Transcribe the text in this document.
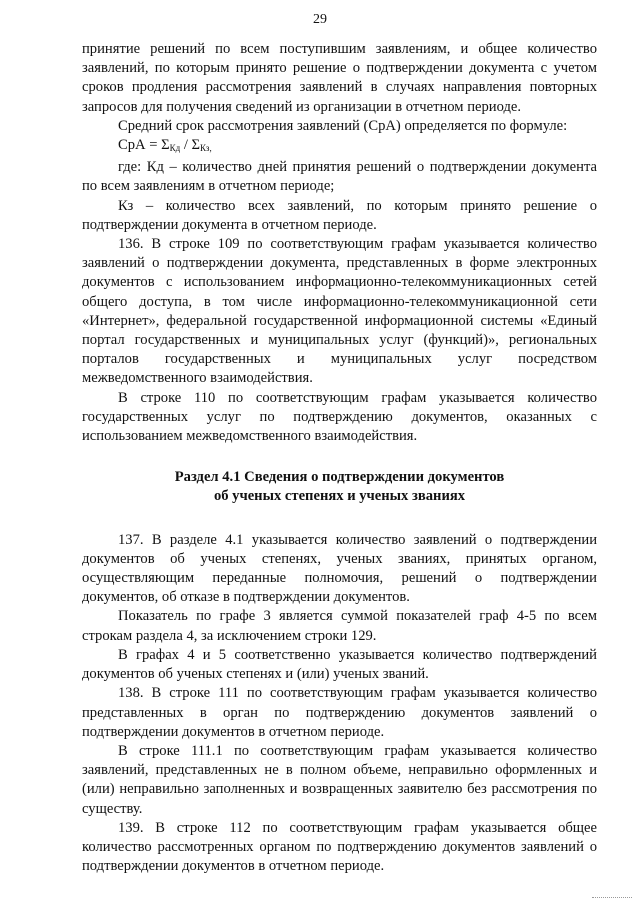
29

принятие решений по всем поступившим заявлениям, и общее количество заявлений, по которым принято решение о подтверждении документа с учетом сроков продления рассмотрения заявлений в случаях направления повторных запросов для получения сведений из организации в отчетном периоде.

Средний срок рассмотрения заявлений (СрА) определяется по формуле:

СрА = $\Sigma_{Кд} / \Sigma_{Кз,}$

где: Кд – количество дней принятия решений о подтверждении документа по всем заявлениям в отчетном периоде;

Кз – количество всех заявлений, по которым принято решение о подтверждении документа в отчетном периоде.

136. В строке 109 по соответствующим графам указывается количество заявлений о подтверждении документа, представленных в форме электронных документов с использованием информационно-телекоммуникационных сетей общего доступа, в том числе информационно-телекоммуникационной сети «Интернет», федеральной государственной информационной системы «Единый портал государственных и муниципальных услуг (функций)», региональных порталов государственных и муниципальных услуг посредством межведомственного взаимодействия.

В строке 110 по соответствующим графам указывается количество государственных услуг по подтверждению документов, оказанных с использованием межведомственного взаимодействия.

Раздел 4.1 Сведения о подтверждении документов
об ученых степенях и ученых званиях

137. В разделе 4.1 указывается количество заявлений о подтверждении документов об ученых степенях, ученых званиях, принятых органом, осуществляющим переданные полномочия, решений о подтверждении документов, об отказе в подтверждении документов.

Показатель по графе 3 является суммой показателей граф 4-5 по всем строкам раздела 4, за исключением строки 129.

В графах 4 и 5 соответственно указывается количество подтверждений документов об ученых степенях и (или) ученых званий.

138. В строке 111 по соответствующим графам указывается количество представленных в орган по подтверждению документов заявлений о подтверждении документов в отчетном периоде.

В строке 111.1 по соответствующим графам указывается количество заявлений, представленных не в полном объеме, неправильно оформленных и (или) неправильно заполненных и возвращенных заявителю без рассмотрения по существу.

139. В строке 112 по соответствующим графам указывается общее количество рассмотренных органом по подтверждению документов заявлений о подтверждении документов в отчетном периоде.
